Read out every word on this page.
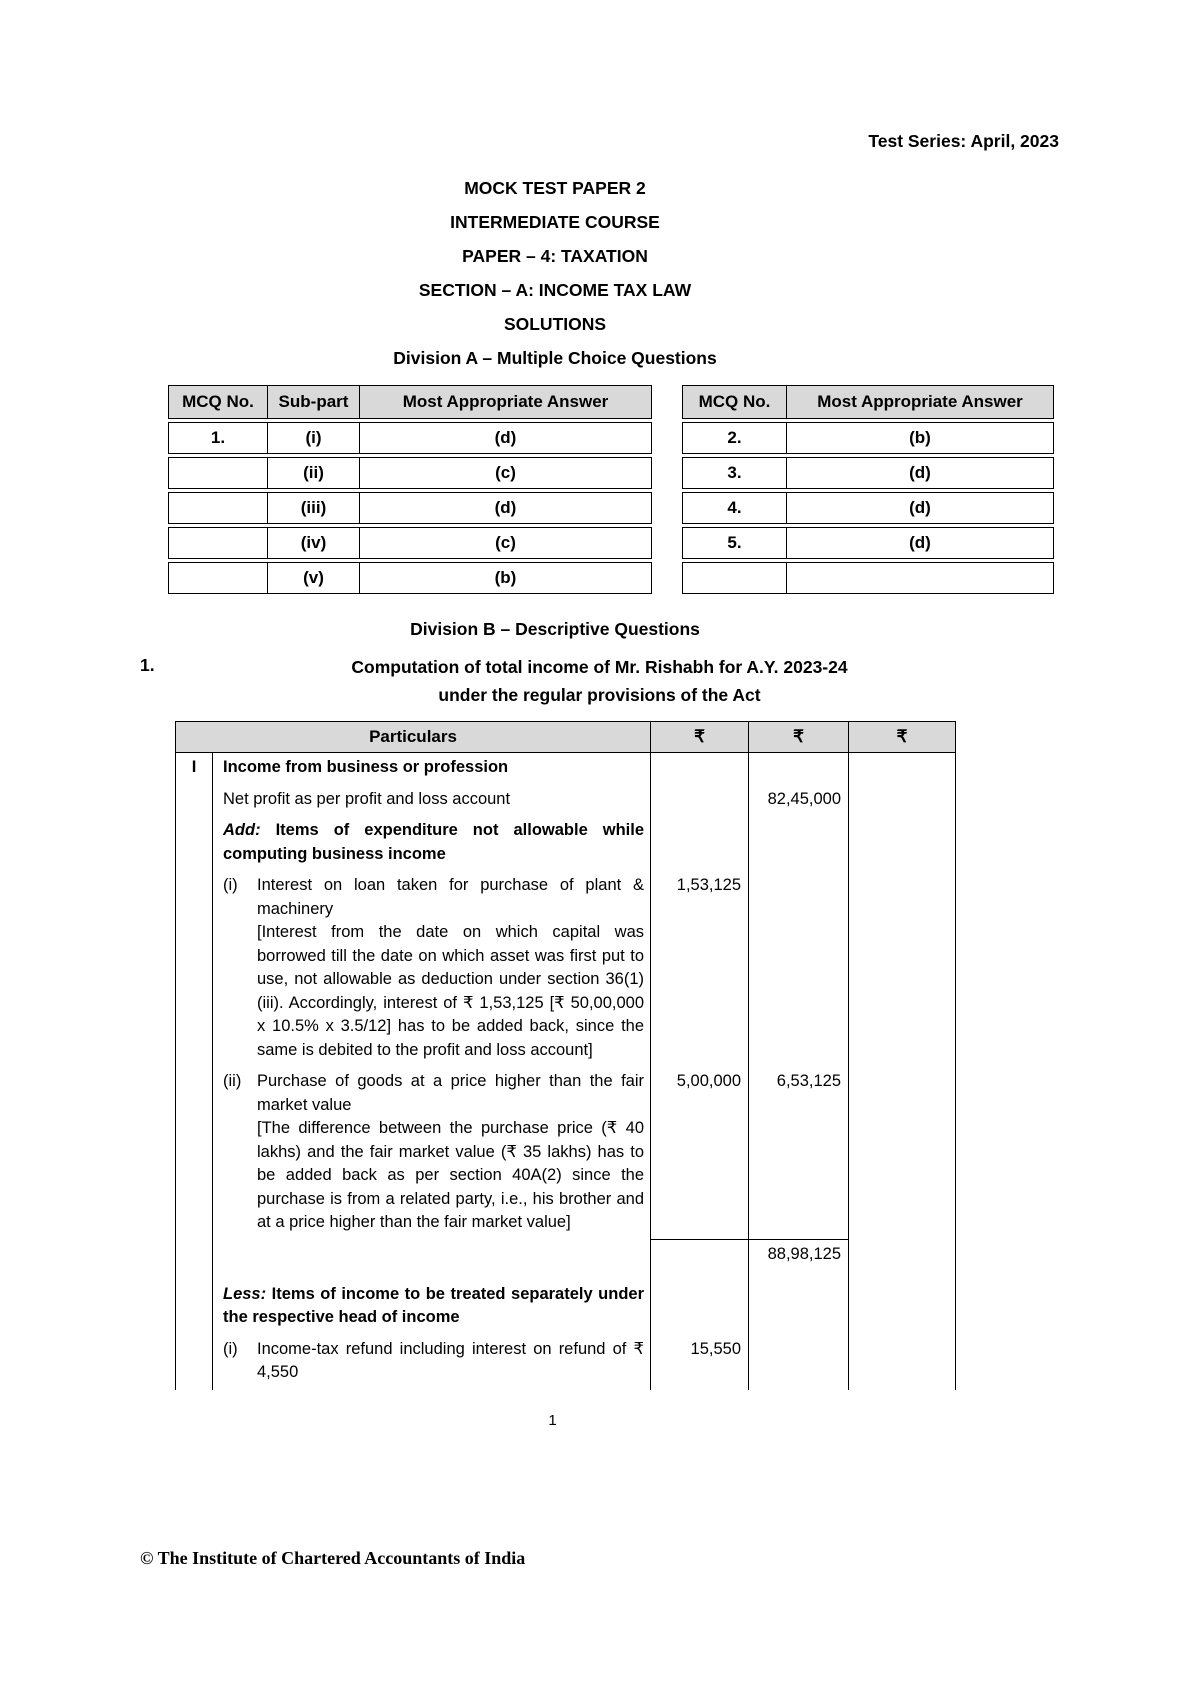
Test Series: April, 2023
MOCK TEST PAPER 2
INTERMEDIATE COURSE
PAPER – 4: TAXATION
SECTION – A: INCOME TAX LAW
SOLUTIONS
Division A – Multiple Choice Questions
MCQ No.	Sub-part	Most Appropriate Answer
1.	(i)	(d)
	(ii)	(c)
	(iii)	(d)
	(iv)	(c)
	(v)	(b)
MCQ No.	Most Appropriate Answer
2.	(b)
3.	(d)
4.	(d)
5.	(d)

Division B – Descriptive Questions
1.	Computation of total income of Mr. Rishabh for A.Y. 2023-24
under the regular provisions of the Act
Particulars		₹	₹	₹
I	Income from business or profession			

	Net profit as per profit and loss account		82,45,000	

	Add: Items of expenditure not allowable while computing business income			

	(i) Interest on loan taken for purchase of plant & machinery
[Interest from the date on which capital was borrowed till the date on which asset was first put to use, not allowable as deduction under section 36(1)(iii). Accordingly, interest of ₹ 1,53,125 [₹ 50,00,000 x 10.5% x 3.5/12] has to be added back, since the same is debited to the profit and loss account]	1,53,125		

	(ii) Purchase of goods at a price higher than the fair market value
[The difference between the purchase price (₹ 40 lakhs) and the fair market value (₹ 35 lakhs) has to be added back as per section 40A(2) since the purchase is from a related party, i.e., his brother and at a price higher than the fair market value]	5,00,000	6,53,125	
			88,98,125	

	Less: Items of income to be treated separately under the respective head of income			

	(i) Income-tax refund including interest on refund of ₹ 4,550	15,550		
1
© The Institute of Chartered Accountants of India
